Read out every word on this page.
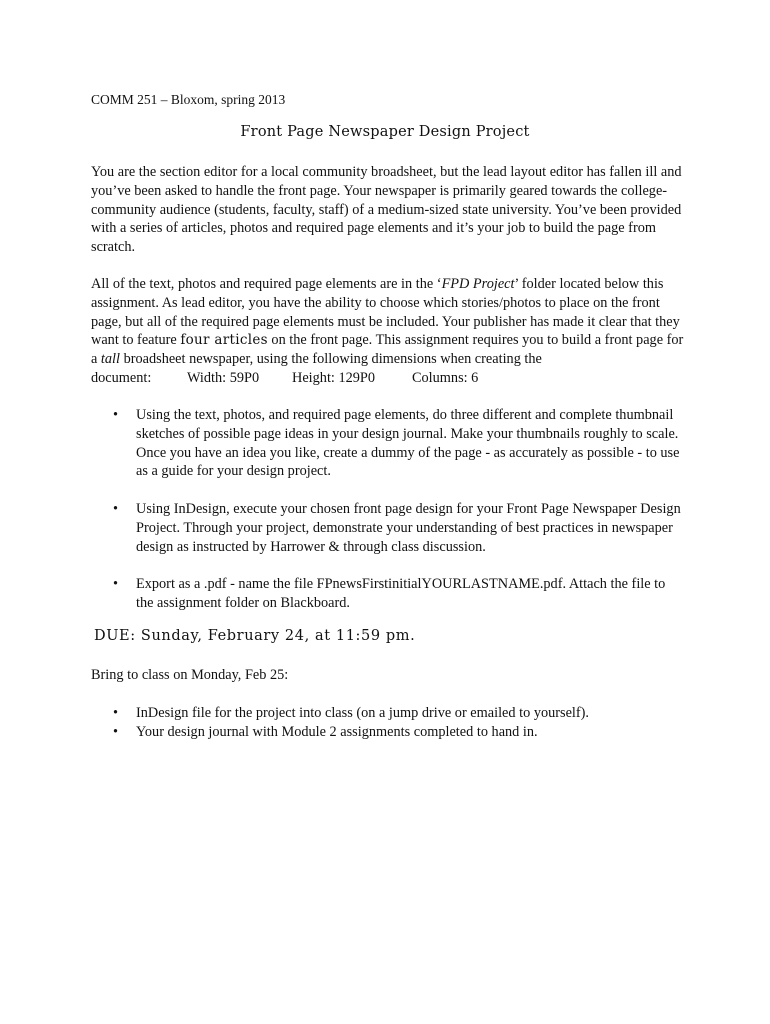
COMM 251 – Bloxom, spring 2013
Front Page Newspaper Design Project
You are the section editor for a local community broadsheet, but the lead layout editor has fallen ill and you’ve been asked to handle the front page. Your newspaper is primarily geared towards the college-community audience (students, faculty, staff) of a medium-sized state university. You’ve been provided with a series of articles, photos and required page elements and it’s your job to build the page from scratch.
All of the text, photos and required page elements are in the ‘FPD Project’ folder located below this assignment. As lead editor, you have the ability to choose which stories/photos to place on the front page, but all of the required page elements must be included. Your publisher has made it clear that they want to feature four articles on the front page. This assignment requires you to build a front page for a tall broadsheet newspaper, using the following dimensions when creating the
document: Width: 59P0 Height: 129P0	Columns: 6
•	Using the text, photos, and required page elements, do three different and complete thumbnail sketches of possible page ideas in your design journal. Make your thumbnails roughly to scale. Once you have an idea you like, create a dummy of the page - as accurately as possible - to use as a guide for your design project.
•	Using InDesign, execute your chosen front page design for your Front Page Newspaper Design Project. Through your project, demonstrate your understanding of best practices in newspaper design as instructed by Harrower & through class discussion.
•	Export as a .pdf - name the file FPnewsFirstinitialYOURLASTNAME.pdf. Attach the file to the assignment folder on Blackboard.
DUE: Sunday, February 24, at 11:59 pm.
Bring to class on Monday, Feb 25:
• InDesign file for the project into class (on a jump drive or emailed to yourself).
• Your design journal with Module 2 assignments completed to hand in.
